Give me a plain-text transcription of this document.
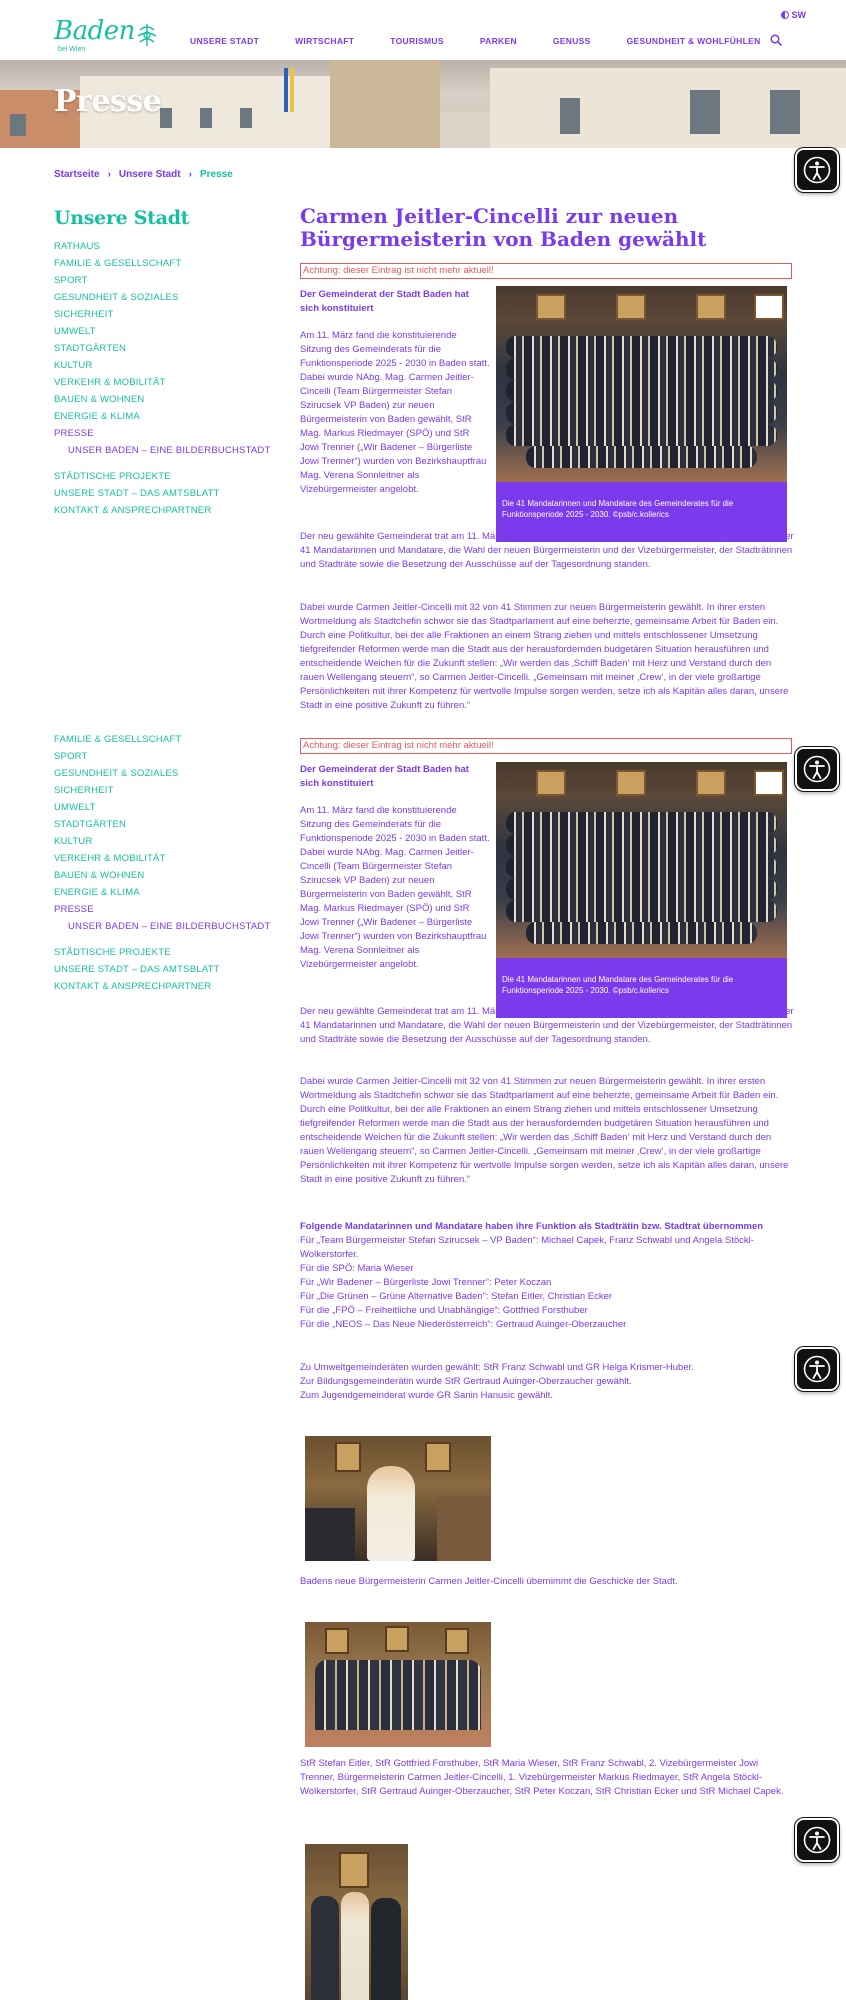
Baden
bei Wien
SW
UNSERE STADT	WIRTSCHAFT	TOURISMUS	PARKEN	GENUSS	GESUNDHEIT & WOHLFÜHLEN
Presse
Startseite › Unsere Stadt › Presse
Unsere Stadt
RATHAUS
FAMILIE & GESELLSCHAFT
SPORT
GESUNDHEIT & SOZIALES
SICHERHEIT
UMWELT
STADTGÄRTEN
KULTUR
VERKEHR & MOBILITÄT
BAUEN & WOHNEN
ENERGIE & KLIMA
PRESSE
UNSER BADEN – EINE BILDERBUCHSTADT
STÄDTISCHE PROJEKTE
UNSERE STADT – DAS AMTSBLATT
KONTAKT & ANSPRECHPARTNER
FAMILIE & GESELLSCHAFT
SPORT
GESUNDHEIT & SOZIALES
SICHERHEIT
UMWELT
STADTGÄRTEN
KULTUR
VERKEHR & MOBILITÄT
BAUEN & WOHNEN
ENERGIE & KLIMA
PRESSE
UNSER BADEN – EINE BILDERBUCHSTADT
STÄDTISCHE PROJEKTE
UNSERE STADT – DAS AMTSBLATT
KONTAKT & ANSPRECHPARTNER
Carmen Jeitler-Cincelli zur neuen Bürgermeisterin von Baden gewählt
Achtung: dieser Eintrag ist nicht mehr aktuell!

Der Gemeinderat der Stadt Baden hat sich konstituiert

Am 11. März fand die konstituierende Sitzung des Gemeinderats für die Funktionsperiode 2025 - 2030 in Baden statt. Dabei wurde NAbg. Mag. Carmen Jeitler-Cincelli (Team Bürgermeister Stefan Szirucsek VP Baden) zur neuen Bürgermeisterin von Baden gewählt, StR Mag. Markus Riedmayer (SPÖ) und StR Jowi Trenner („Wir Badener – Bürgerliste Jowi Trenner“) wurden von Bezirkshauptfrau Mag. Verena Sonnleitner als Vizebürgermeister angelobt.

Die 41 Mandatarinnen und Mandatare des Gemeinderates für die Funktionsperiode 2025 - 2030. ©psb/c.kollerics
Der neu gewählte Gemeinderat trat am 11. März zur konstituierenden Sitzung zusammen, bei der die Angelobung der 41 Mandatarinnen und Mandatare, die Wahl der neuen Bürgermeisterin und der Vizebürgermeister, der Stadträtinnen und Stadträte sowie die Besetzung der Ausschüsse auf der Tagesordnung standen.
Dabei wurde Carmen Jeitler-Cincelli mit 32 von 41 Stimmen zur neuen Bürgermeisterin gewählt. In ihrer ersten Wortmeldung als Stadtchefin schwor sie das Stadtparlament auf eine beherzte, gemeinsame Arbeit für Baden ein. Durch eine Politkultur, bei der alle Fraktionen an einem Strang ziehen und mittels entschlossener Umsetzung tiefgreifender Reformen werde man die Stadt aus der herausfordernden budgetären Situation herausführen und entscheidende Weichen für die Zukunft stellen: „Wir werden das ‚Schiff Baden‘ mit Herz und Verstand durch den rauen Wellengang steuern“, so Carmen Jeitler-Cincelli. „Gemeinsam mit meiner ‚Crew‘, in der viele großartige Persönlichkeiten mit ihrer Kompetenz für wertvolle Impulse sorgen werden, setze ich als Kapitän alles daran, unsere Stadt in eine positive Zukunft zu führen.“
Achtung: dieser Eintrag ist nicht mehr aktuell!

Der Gemeinderat der Stadt Baden hat sich konstituiert

Am 11. März fand die konstituierende Sitzung des Gemeinderats für die Funktionsperiode 2025 - 2030 in Baden statt. Dabei wurde NAbg. Mag. Carmen Jeitler-Cincelli (Team Bürgermeister Stefan Szirucsek VP Baden) zur neuen Bürgermeisterin von Baden gewählt, StR Mag. Markus Riedmayer (SPÖ) und StR Jowi Trenner („Wir Badener – Bürgerliste Jowi Trenner“) wurden von Bezirkshauptfrau Mag. Verena Sonnleitner als Vizebürgermeister angelobt.

Die 41 Mandatarinnen und Mandatare des Gemeinderates für die Funktionsperiode 2025 - 2030. ©psb/c.kollerics
Der neu gewählte Gemeinderat trat am 11. März zur konstituierenden Sitzung zusammen, bei der die Angelobung der 41 Mandatarinnen und Mandatare, die Wahl der neuen Bürgermeisterin und der Vizebürgermeister, der Stadträtinnen und Stadträte sowie die Besetzung der Ausschüsse auf der Tagesordnung standen.
Dabei wurde Carmen Jeitler-Cincelli mit 32 von 41 Stimmen zur neuen Bürgermeisterin gewählt. In ihrer ersten Wortmeldung als Stadtchefin schwor sie das Stadtparlament auf eine beherzte, gemeinsame Arbeit für Baden ein. Durch eine Politkultur, bei der alle Fraktionen an einem Strang ziehen und mittels entschlossener Umsetzung tiefgreifender Reformen werde man die Stadt aus der herausfordernden budgetären Situation herausführen und entscheidende Weichen für die Zukunft stellen: „Wir werden das ‚Schiff Baden‘ mit Herz und Verstand durch den rauen Wellengang steuern“, so Carmen Jeitler-Cincelli. „Gemeinsam mit meiner ‚Crew‘, in der viele großartige Persönlichkeiten mit ihrer Kompetenz für wertvolle Impulse sorgen werden, setze ich als Kapitän alles daran, unsere Stadt in eine positive Zukunft zu führen.“

Folgende Mandatarinnen und Mandatare haben ihre Funktion als Stadträtin bzw. Stadtrat übernommen

Für „Team Bürgermeister Stefan Szirucsek – VP Baden“: Michael Capek, Franz Schwabl und Angela Stöckl-Wolkerstorfer.

Für die SPÖ: Maria Wieser

Für „Wir Badener – Bürgerliste Jowi Trenner“: Peter Koczan

Für „Die Grünen – Grüne Alternative Baden“: Stefan Eitler, Christian Ecker

Für die „FPÖ – Freiheitliche und Unabhängige“: Gottfried Forsthuber

Für die „NEOS – Das Neue Niederösterreich“: Gertraud Auinger-Oberzaucher

Zu Umweltgemeinderäten wurden gewählt: StR Franz Schwabl und GR Helga Krismer-Huber.

Zur Bildungsgemeinderätin wurde StR Gertraud Auinger-Oberzaucher gewählt.

Zum Jugendgemeinderat wurde GR Sanin Hanusic gewählt.

Badens neue Bürgermeisterin Carmen Jeitler-Cincelli übernimmt die Geschicke der Stadt.
StR Stefan Eitler, StR Gottfried Forsthuber, StR Maria Wieser, StR Franz Schwabl, 2. Vizebürgermeister Jowi Trenner, Bürgermeisterin Carmen Jeitler-Cincelli, 1. Vizebürgermeister Markus Riedmayer, StR Angela Stöckl-Wolkerstorfer, StR Gertraud Auinger-Oberzaucher, StR Peter Koczan, StR Christian Ecker und StR Michael Capek.
